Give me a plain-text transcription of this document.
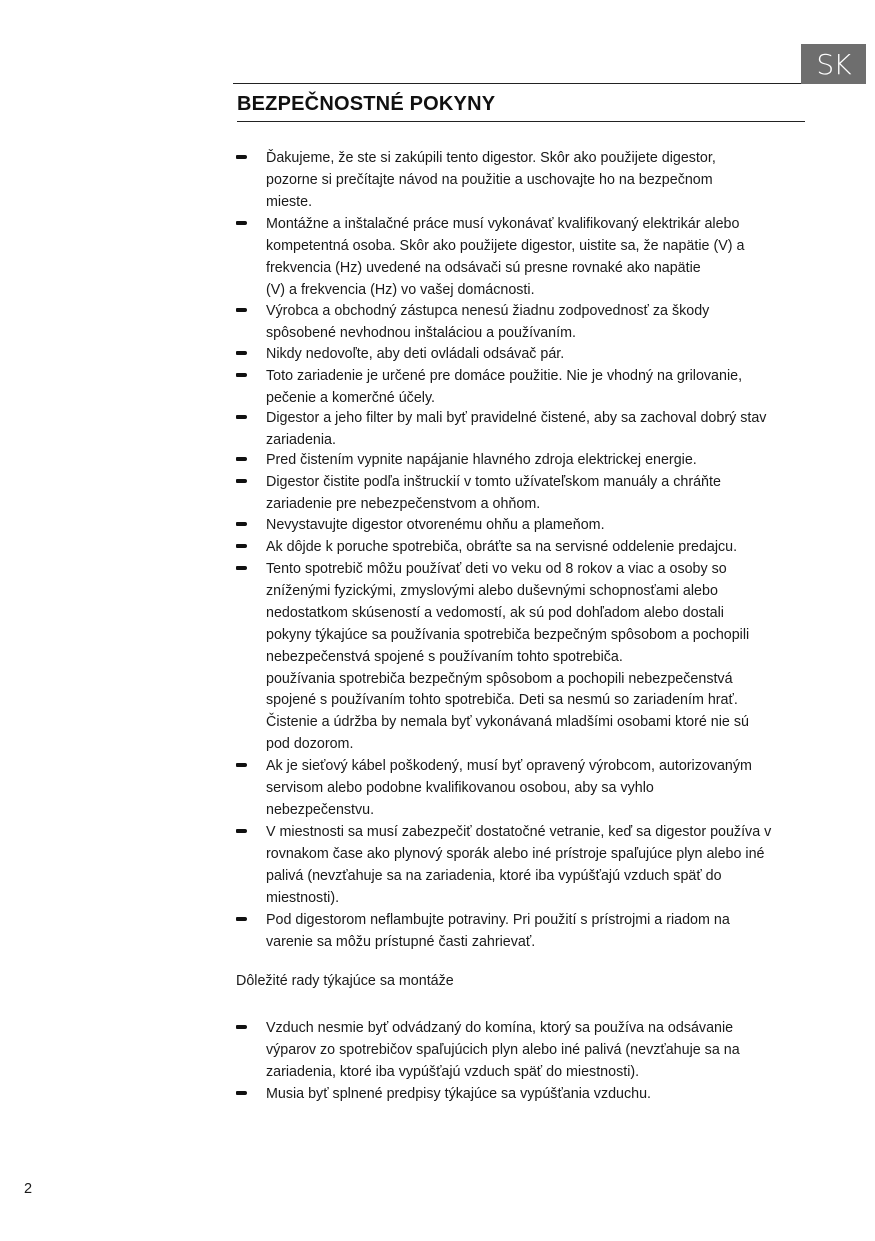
SK
BEZPEČNOSTNÉ POKYNY
Ďakujeme, že ste si zakúpili tento digestor. Skôr ako použijete digestor,
pozorne si prečítajte návod na použitie a uschovajte ho na bezpečnom
mieste.
Montážne a inštalačné práce musí vykonávať kvalifikovaný elektrikár alebo
kompetentná osoba. Skôr ako použijete digestor, uistite sa, že napätie (V) a
frekvencia (Hz) uvedené na odsávači sú presne rovnaké ako napätie
(V) a frekvencia (Hz) vo vašej domácnosti.
Výrobca a obchodný zástupca nenesú žiadnu zodpovednosť za škody
spôsobené nevhodnou inštaláciou a používaním.
Nikdy nedovoľte, aby deti ovládali odsávač pár.
Toto zariadenie je určené pre domáce použitie. Nie je vhodný na grilovanie,
pečenie a komerčné účely.
Digestor a jeho filter by mali byť pravidelné čistené, aby sa zachoval dobrý stav
zariadenia.
Pred čistením vypnite napájanie hlavného zdroja elektrickej energie.
Digestor čistite podľa inštruckií v tomto užívateľskom manuály a chráňte
zariadenie pre nebezpečenstvom a ohňom.
Nevystavujte digestor otvorenému ohňu a plameňom.
Ak dôjde k poruche spotrebiča, obráťte sa na servisné oddelenie predajcu.
Tento spotrebič môžu používať deti vo veku od 8 rokov a viac a osoby so
zníženými fyzickými, zmyslovými alebo duševnými schopnosťami alebo
nedostatkom skúseností a vedomostí, ak sú pod dohľadom alebo dostali
pokyny týkajúce sa používania spotrebiča bezpečným spôsobom a pochopili
nebezpečenstvá spojené s používaním tohto spotrebiča.
používania spotrebiča bezpečným spôsobom a pochopili nebezpečenstvá
spojené s používaním tohto spotrebiča. Deti sa nesmú so zariadením hrať.
Čistenie a údržba by nemala byť vykonávaná mladšími osobami ktoré nie sú
pod dozorom.
Ak je sieťový kábel poškodený, musí byť opravený výrobcom, autorizovaným
servisom alebo podobne kvalifikovanou osobou, aby sa vyhlo
nebezpečenstvu.
V miestnosti sa musí zabezpečiť dostatočné vetranie, keď sa digestor používa v
rovnakom čase ako plynový sporák alebo iné prístroje spaľujúce plyn alebo iné
palivá (nevzťahuje sa na zariadenia, ktoré iba vypúšťajú vzduch späť do
miestnosti).
Pod digestorom neflambujte potraviny. Pri použití s prístrojmi a riadom na
varenie sa môžu prístupné časti zahrievať.
Dôležité rady týkajúce sa montáže
Vzduch nesmie byť odvádzaný do komína, ktorý sa používa na odsávanie
výparov zo spotrebičov spaľujúcich plyn alebo iné palivá (nevzťahuje sa na
zariadenia, ktoré iba vypúšťajú vzduch späť do miestnosti).
Musia byť splnené predpisy týkajúce sa vypúšťania vzduchu.
2
